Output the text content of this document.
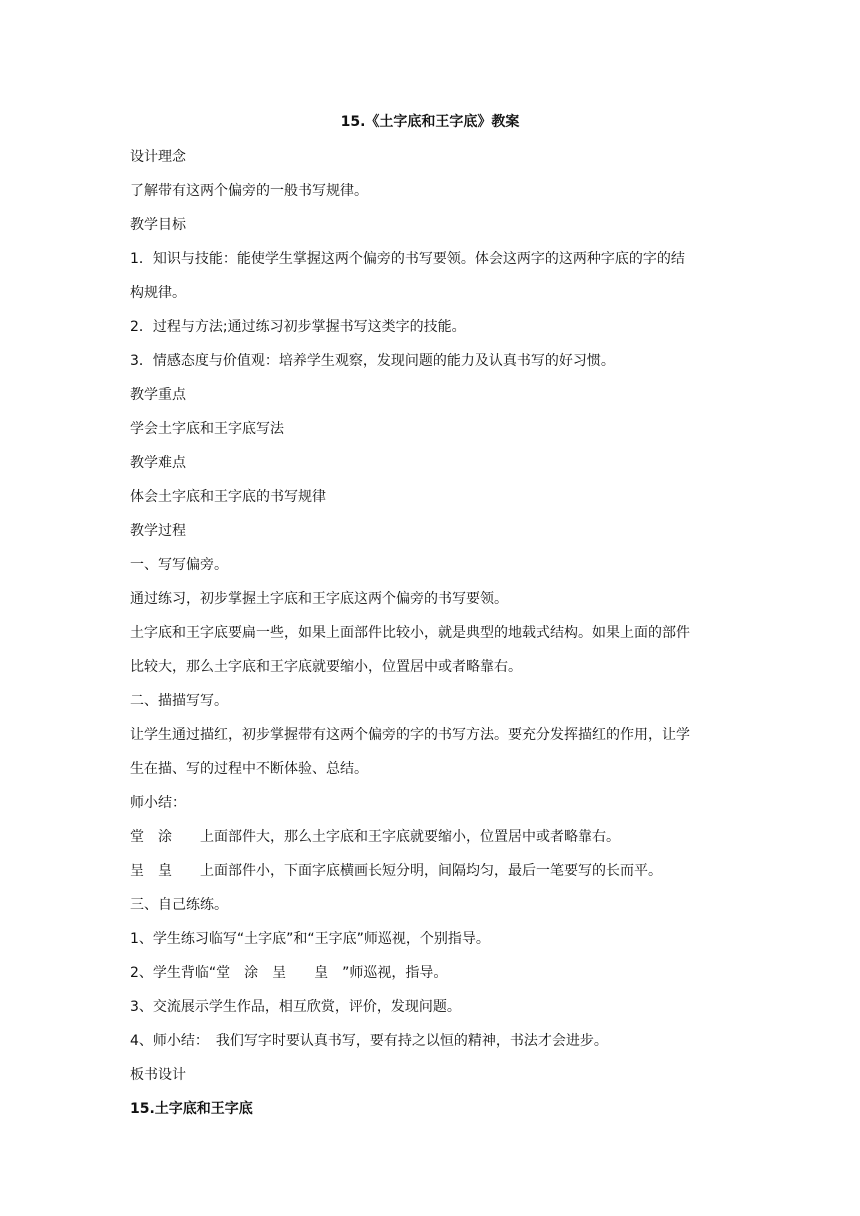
15.《土字底和王字底》教案
设计理念
了解带有这两个偏旁的一般书写规律。
教学目标
1．知识与技能：能使学生掌握这两个偏旁的书写要领。体会这两字的这两种字底的字的结
构规律。
2．过程与方法;通过练习初步掌握书写这类字的技能。
3．情感态度与价值观：培养学生观察，发现问题的能力及认真书写的好习惯。
教学重点
学会土字底和王字底写法
教学难点
体会土字底和王字底的书写规律
教学过程
一、写写偏旁。
通过练习，初步掌握土字底和王字底这两个偏旁的书写要领。
土字底和王字底要扁一些，如果上面部件比较小，就是典型的地载式结构。如果上面的部件
比较大，那么土字底和王字底就要缩小，位置居中或者略靠右。
二、描描写写。
让学生通过描红，初步掌握带有这两个偏旁的字的书写方法。要充分发挥描红的作用，让学
生在描、写的过程中不断体验、总结。
师小结：
堂　涂　　上面部件大，那么土字底和王字底就要缩小，位置居中或者略靠右。
呈　皇　　上面部件小，下面字底横画长短分明，间隔均匀，最后一笔要写的长而平。
三、自己练练。
1、学生练习临写“土字底”和“王字底”师巡视，个别指导。
2、学生背临“堂　涂　呈　　皇　”师巡视，指导。
3、交流展示学生作品，相互欣赏，评价，发现问题。
4、师小结：　我们写字时要认真书写，要有持之以恒的精神，书法才会进步。
板书设计
15.土字底和王字底
